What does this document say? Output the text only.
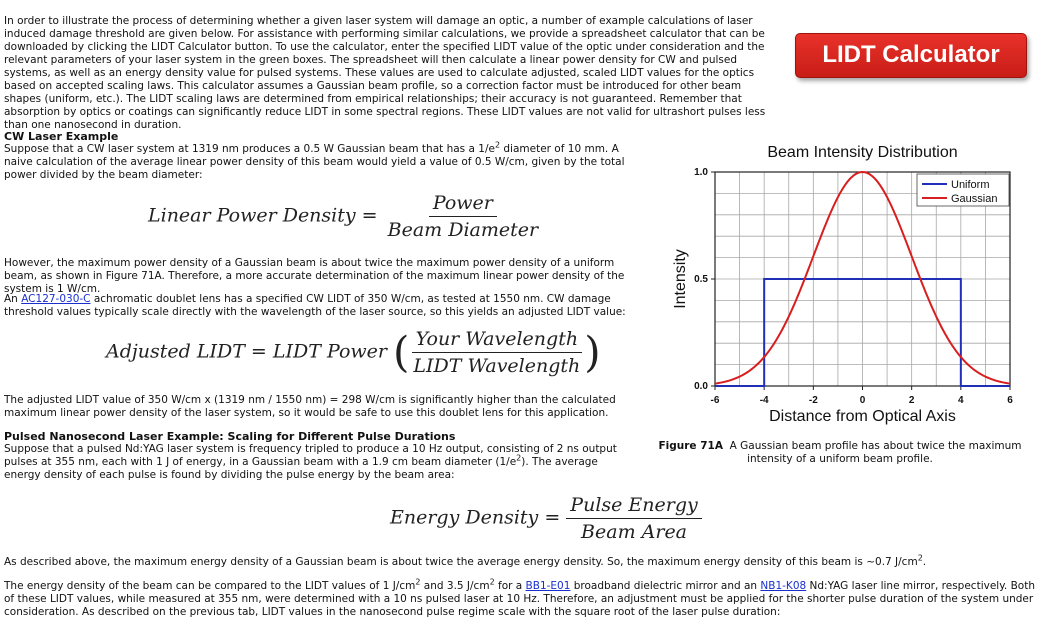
In order to illustrate the process of determining whether a given laser system will damage an optic, a number of example calculations of laser induced damage threshold are given below. For assistance with performing similar calculations, we provide a spreadsheet calculator that can be downloaded by clicking the LIDT Calculator button. To use the calculator, enter the specified LIDT value of the optic under consideration and the relevant parameters of your laser system in the green boxes. The spreadsheet will then calculate a linear power density for CW and pulsed systems, as well as an energy density value for pulsed systems. These values are used to calculate adjusted, scaled LIDT values for the optics based on accepted scaling laws. This calculator assumes a Gaussian beam profile, so a correction factor must be introduced for other beam shapes (uniform, etc.). The LIDT scaling laws are determined from empirical relationships; their accuracy is not guaranteed. Remember that absorption by optics or coatings can significantly reduce LIDT in some spectral regions. These LIDT values are not valid for ultrashort pulses less than one nanosecond in duration.

LIDT Calculator

CW Laser Example

Suppose that a CW laser system at 1319 nm produces a 0.5 W Gaussian beam that has a $1/e^2$ diameter of 10 mm. A naive calculation of the average linear power density of this beam would yield a value of 0.5 W/cm, given by the total power divided by the beam diameter:

Linear Power Density = $\frac{\text{Power}}{\text{Beam Diameter}}$

However, the maximum power density of a Gaussian beam is about twice the maximum power density of a uniform beam, as shown in Figure 71A. Therefore, a more accurate determination of the maximum linear power density of the system is 1 W/cm.

An AC127-030-C achromatic doublet lens has a specified CW LIDT of 350 W/cm, as tested at 1550 nm. CW damage threshold values typically scale directly with the wavelength of the laser source, so this yields an adjusted LIDT value:

Adjusted LIDT = LIDT Power ( $\frac{\text{Your Wavelength}}{\text{LIDT Wavelength}}$ )

The adjusted LIDT value of 350 W/cm x (1319 nm / 1550 nm) = 298 W/cm is significantly higher than the calculated maximum linear power density of the laser system, so it would be safe to use this doublet lens for this application.

Pulsed Nanosecond Laser Example: Scaling for Different Pulse Durations

Suppose that a pulsed Nd:YAG laser system is frequency tripled to produce a 10 Hz output, consisting of 2 ns output pulses at 355 nm, each with 1 J of energy, in a Gaussian beam with a 1.9 cm beam diameter $(1/e^2)$. The average energy density of each pulse is found by dividing the pulse energy by the beam area:

Energy Density = $\frac{\text{Pulse Energy}}{\text{Beam Area}}$

As described above, the maximum energy density of a Gaussian beam is about twice the average energy density. So, the maximum energy density of this beam is ~0.7 $J/cm^2$.

The energy density of the beam can be compared to the LIDT values of 1 $J/cm^2$ and 3.5 $J/cm^2$ for a BB1-E01 broadband dielectric mirror and an NB1-K08 Nd:YAG laser line mirror, respectively. Both of these LIDT values, while measured at 355 nm, were determined with a 10 ns pulsed laser at 10 Hz. Therefore, an adjustment must be applied for the shorter pulse duration of the system under consideration. As described on the previous tab, LIDT values in the nanosecond pulse regime scale with the square root of the laser pulse duration:

Beam Intensity Distribution
-6	-4	-2	0	2	4	6
0.0
0.5
1.0
Distance from Optical Axis
Intensity
Uniform
Gaussian
Figure 71A A Gaussian beam profile has about twice the maximum intensity of a uniform beam profile.
